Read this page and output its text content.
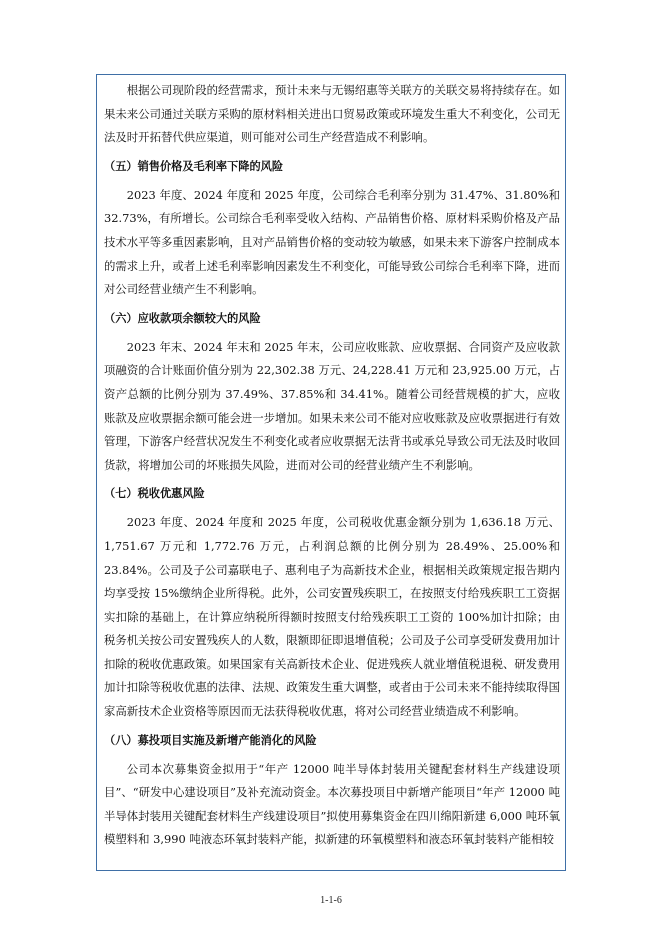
根据公司现阶段的经营需求，预计未来与无锡绍惠等关联方的关联交易将持续存在。如果未来公司通过关联方采购的原材料相关进出口贸易政策或环境发生重大不利变化，公司无法及时开拓替代供应渠道，则可能对公司生产经营造成不利影响。

（五）销售价格及毛利率下降的风险

2023 年度、2024 年度和 2025 年度，公司综合毛利率分别为 31.47%、31.80%和 32.73%，有所增长。公司综合毛利率受收入结构、产品销售价格、原材料采购价格及产品技术水平等多重因素影响，且对产品销售价格的变动较为敏感，如果未来下游客户控制成本的需求上升，或者上述毛利率影响因素发生不利变化，可能导致公司综合毛利率下降，进而对公司经营业绩产生不利影响。

（六）应收款项余额较大的风险

2023 年末、2024 年末和 2025 年末，公司应收账款、应收票据、合同资产及应收款项融资的合计账面价值分别为 22,302.38 万元、24,228.41 万元和 23,925.00 万元，占资产总额的比例分别为 37.49%、37.85%和 34.41%。随着公司经营规模的扩大，应收账款及应收票据余额可能会进一步增加。如果未来公司不能对应收账款及应收票据进行有效管理，下游客户经营状况发生不利变化或者应收票据无法背书或承兑导致公司无法及时收回货款，将增加公司的坏账损失风险，进而对公司的经营业绩产生不利影响。

（七）税收优惠风险

2023 年度、2024 年度和 2025 年度，公司税收优惠金额分别为 1,636.18 万元、1,751.67 万元和 1,772.76 万元，占利润总额的比例分别为 28.49%、25.00%和 23.84%。公司及子公司嘉联电子、惠利电子为高新技术企业，根据相关政策规定报告期内均享受按 15%缴纳企业所得税。此外，公司安置残疾职工，在按照支付给残疾职工工资据实扣除的基础上，在计算应纳税所得额时按照支付给残疾职工工资的 100%加计扣除；由税务机关按公司安置残疾人的人数，限额即征即退增值税；公司及子公司享受研发费用加计扣除的税收优惠政策。如果国家有关高新技术企业、促进残疾人就业增值税退税、研发费用加计扣除等税收优惠的法律、法规、政策发生重大调整，或者由于公司未来不能持续取得国家高新技术企业资格等原因而无法获得税收优惠，将对公司经营业绩造成不利影响。

（八）募投项目实施及新增产能消化的风险

公司本次募集资金拟用于“年产 12000 吨半导体封装用关键配套材料生产线建设项目”、“研发中心建设项目”及补充流动资金。本次募投项目中新增产能项目“年产 12000 吨半导体封装用关键配套材料生产线建设项目”拟使用募集资金在四川绵阳新建 6,000 吨环氧模塑料和 3,990 吨液态环氧封装料产能，拟新建的环氧模塑料和液态环氧封装料产能相较

1-1-6
